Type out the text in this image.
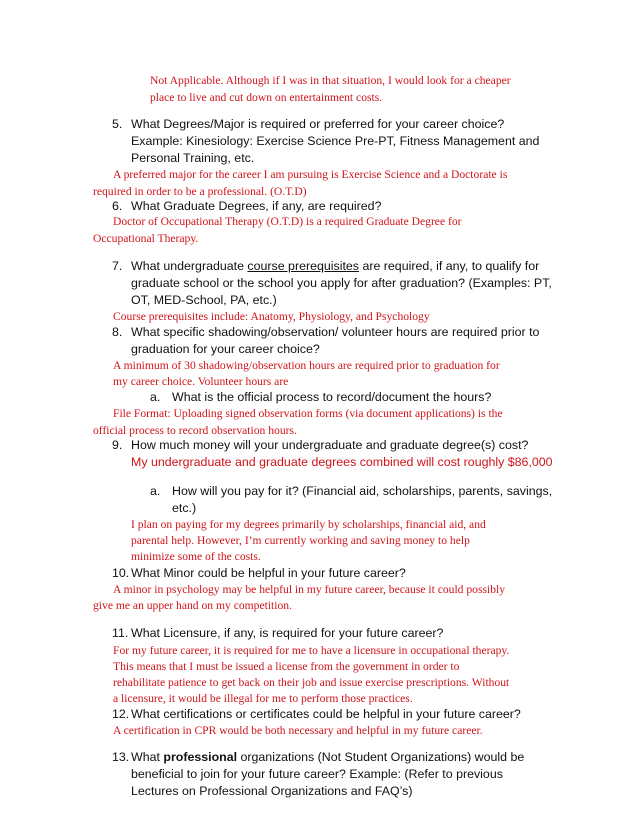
Not Applicable. Although if I was in that situation, I would look for a cheaper
place to live and cut down on entertainment costs.
5. What Degrees/Major is required or preferred for your career choice?
Example: Kinesiology: Exercise Science Pre-PT, Fitness Management and
Personal Training, etc.
A preferred major for the career I am pursuing is Exercise Science and a Doctorate is
required in order to be a professional. (O.T.D)
6. What Graduate Degrees, if any, are required?
Doctor of Occupational Therapy (O.T.D) is a required Graduate Degree for
Occupational Therapy.
7. What undergraduate course prerequisites are required, if any, to qualify for
graduate school or the school you apply for after graduation? (Examples: PT,
OT, MED-School, PA, etc.)
Course prerequisites include: Anatomy, Physiology, and Psychology
8. What specific shadowing/observation/ volunteer hours are required prior to
graduation for your career choice?
A minimum of 30 shadowing/observation hours are required prior to graduation for
my career choice. Volunteer hours are
a. What is the official process to record/document the hours?
File Format: Uploading signed observation forms (via document applications) is the
official process to record observation hours.
9. How much money will your undergraduate and graduate degree(s) cost?
My undergraduate and graduate degrees combined will cost roughly $86,000
a. How will you pay for it? (Financial aid, scholarships, parents, savings,
etc.)
I plan on paying for my degrees primarily by scholarships, financial aid, and
parental help. However, I’m currently working and saving money to help
minimize some of the costs.
10. What Minor could be helpful in your future career?
A minor in psychology may be helpful in my future career, because it could possibly
give me an upper hand on my competition.
11. What Licensure, if any, is required for your future career?
For my future career, it is required for me to have a licensure in occupational therapy.
This means that I must be issued a license from the government in order to
rehabilitate patience to get back on their job and issue exercise prescriptions. Without
a licensure, it would be illegal for me to perform those practices.
12. What certifications or certificates could be helpful in your future career?
A certification in CPR would be both necessary and helpful in my future career.
13. What professional organizations (Not Student Organizations) would be
beneficial to join for your future career? Example: (Refer to previous
Lectures on Professional Organizations and FAQ’s)
